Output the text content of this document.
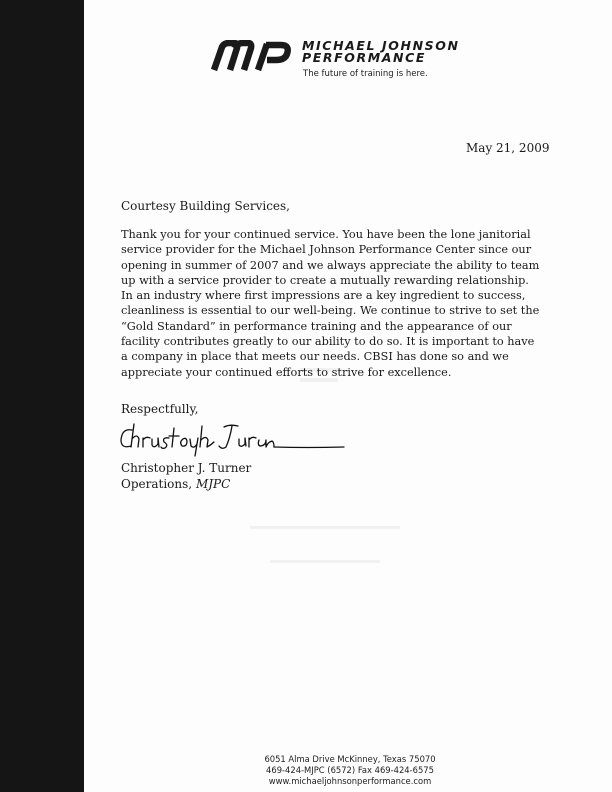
MICHAEL JOHNSON
PERFORMANCE
The future of training is here.
May 21, 2009
Courtesy Building Services,

Thank you for your continued service. You have been the lone janitorial service provider for the Michael Johnson Performance Center since our opening in summer of 2007 and we always appreciate the ability to team up with a service provider to create a mutually rewarding relationship. In an industry where first impressions are a key ingredient to success, cleanliness is essential to our well-being. We continue to strive to set the “Gold Standard” in performance training and the appearance of our facility contributes greatly to our ability to do so. It is important to have a company in place that meets our needs. CBSI has done so and we appreciate your continued efforts to strive for excellence.

Respectfully,
Christopher J. Turner
Operations, MJPC
6051 Alma Drive McKinney, Texas 75070
469-424-MJPC (6572) Fax 469-424-6575
www.michaeljohnsonperformance.com
